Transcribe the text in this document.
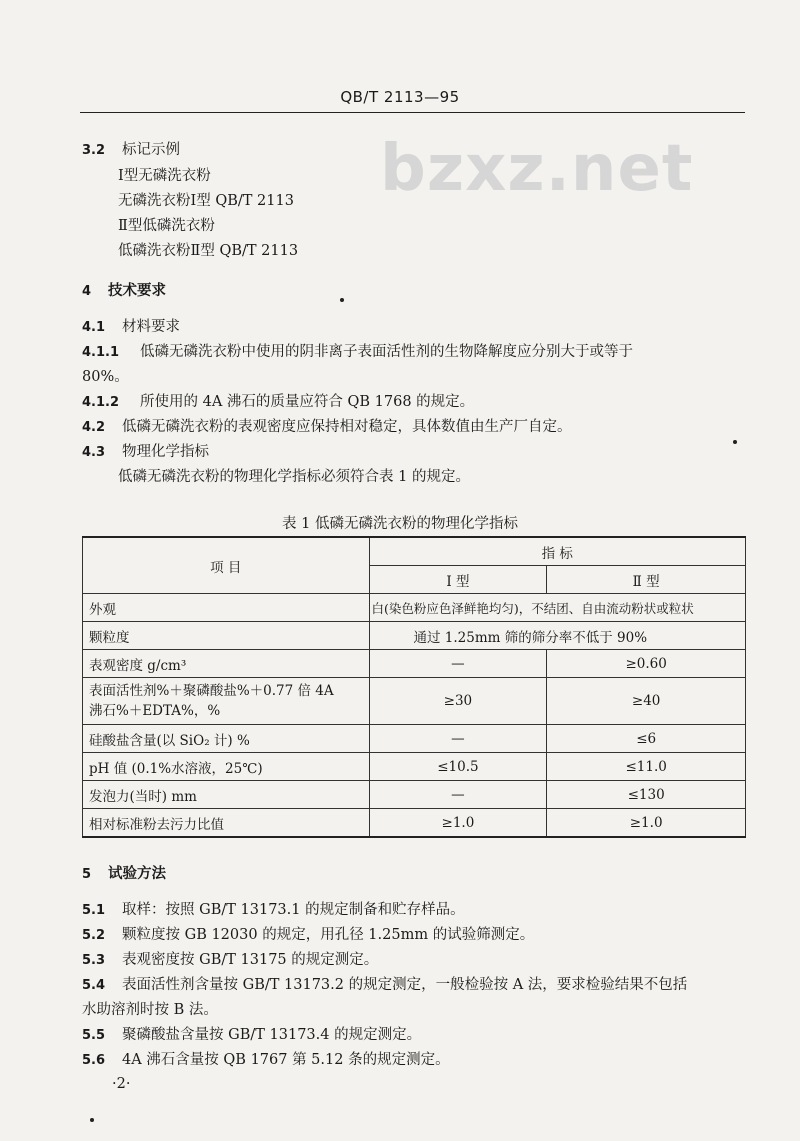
QB/T 2113—95
bzxz.net
3.2 标记示例
Ⅰ型无磷洗衣粉
无磷洗衣粉Ⅰ型 QB/T 2113
Ⅱ型低磷洗衣粉
低磷洗衣粉Ⅱ型 QB/T 2113
4 技术要求
4.1 材料要求
4.1.1 低磷无磷洗衣粉中使用的阴非离子表面活性剂的生物降解度应分别大于或等于
80%。
4.1.2 所使用的 4A 沸石的质量应符合 QB 1768 的规定。
4.2 低磷无磷洗衣粉的表观密度应保持相对稳定，具体数值由生产厂自定。
4.3 物理化学指标
低磷无磷洗衣粉的物理化学指标必须符合表 1 的规定。
表 1 低磷无磷洗衣粉的物理化学指标
项 目	指 标	
	Ⅰ 型	Ⅱ 型
外观	白(染色粉应色泽鲜艳均匀)，不结团、自由流动粉状或粒状	
颗粒度	通过 1.25mm 筛的筛分率不低于 90%	
表观密度 g/cm³	—	≥0.60

表面活性剂%＋聚磷酸盐%＋0.77 倍 4A
沸石%＋EDTA%，%	≥30	≥40
硅酸盐含量(以 SiO₂ 计) %	—	≤6
pH 值 (0.1%水溶液，25℃)	≤10.5	≤11.0
发泡力(当时) mm	—	≤130
相对标准粉去污力比值	≥1.0	≥1.0
5 试验方法
5.1 取样：按照 GB/T 13173.1 的规定制备和贮存样品。
5.2 颗粒度按 GB 12030 的规定，用孔径 1.25mm 的试验筛测定。
5.3 表观密度按 GB/T 13175 的规定测定。
5.4 表面活性剂含量按 GB/T 13173.2 的规定测定，一般检验按 A 法，要求检验结果不包括
水助溶剂时按 B 法。
5.5 聚磷酸盐含量按 GB/T 13173.4 的规定测定。
5.6 4A 沸石含量按 QB 1767 第 5.12 条的规定测定。
·2·
